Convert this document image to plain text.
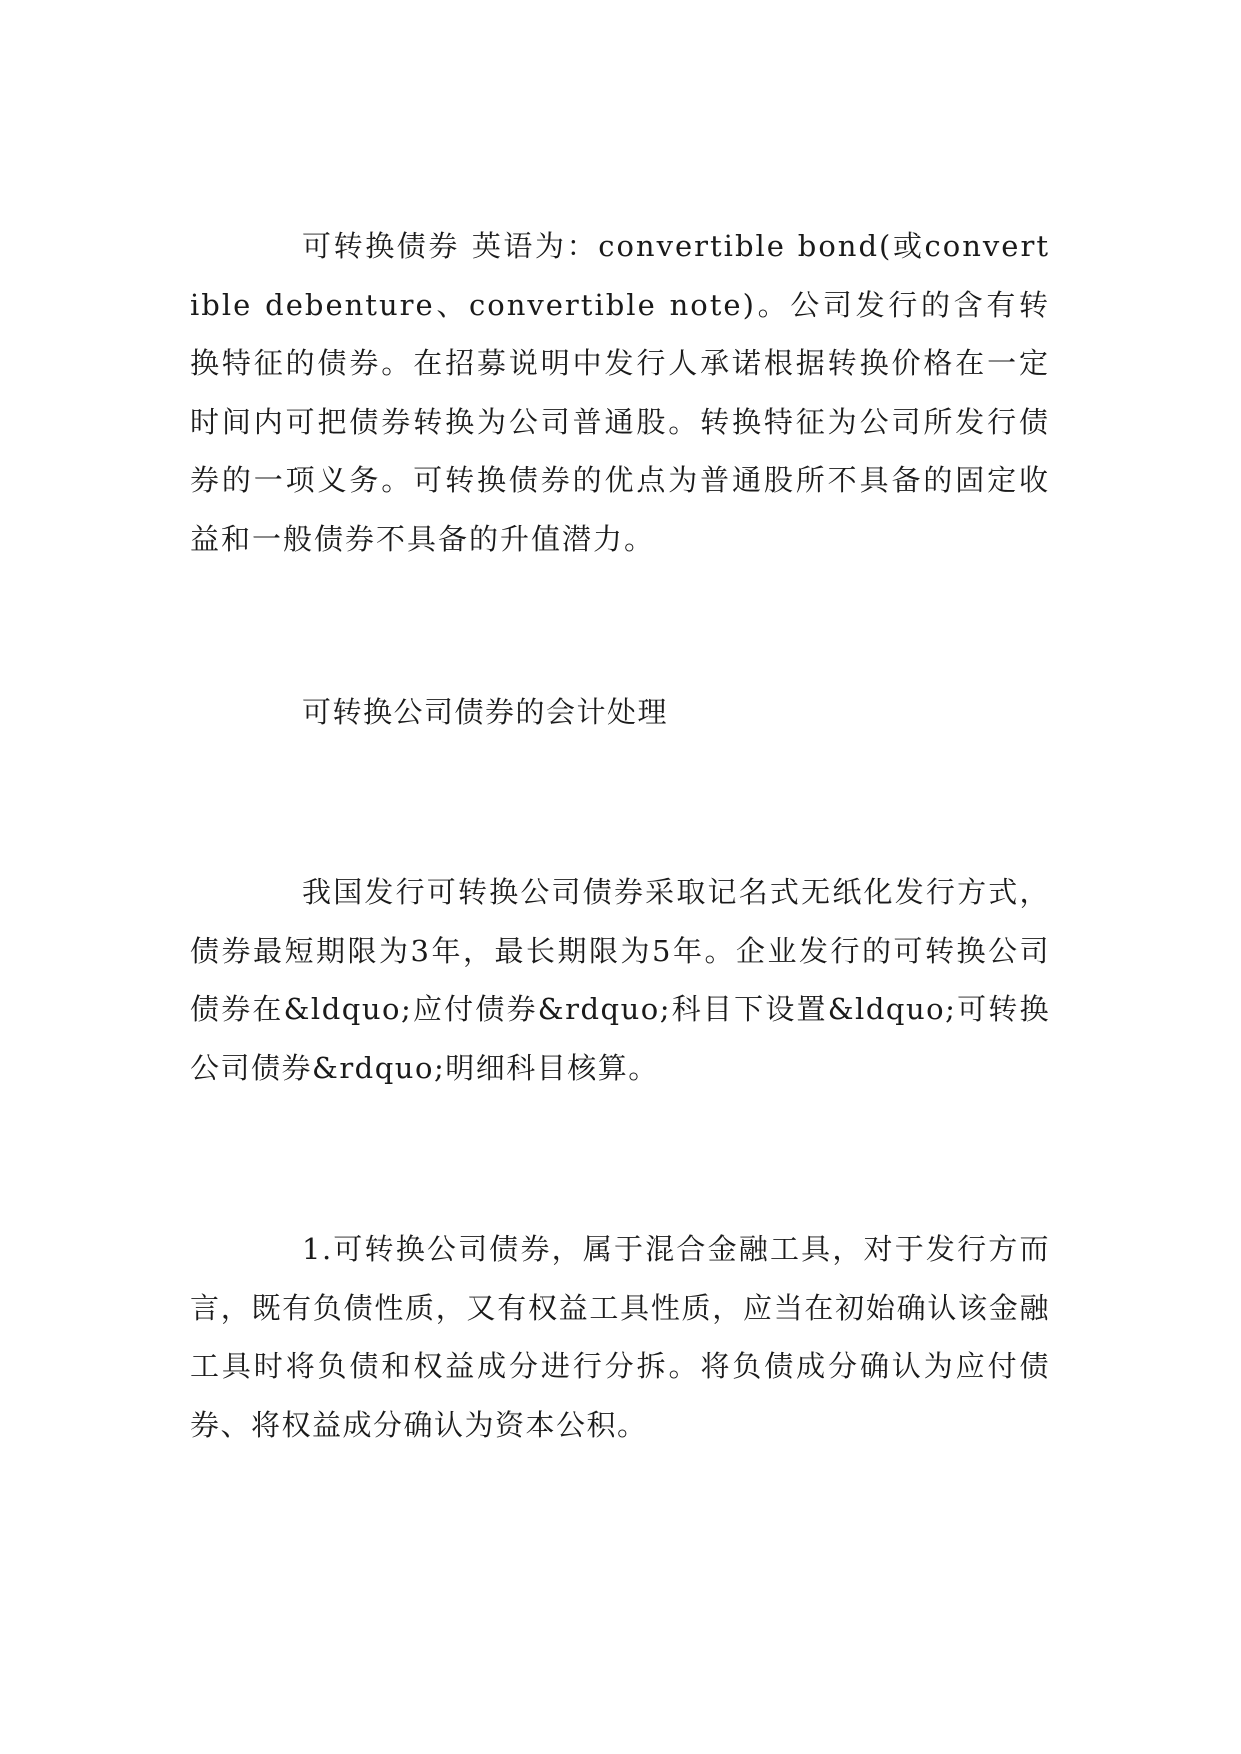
可转换债券 英语为：convertible bond(或convertible debenture、convertible note)。公司发行的含有转换特征的债券。在招募说明中发行人承诺根据转换价格在一定时间内可把债券转换为公司普通股。转换特征为公司所发行债券的一项义务。可转换债券的优点为普通股所不具备的固定收益和一般债券不具备的升值潜力。

可转换公司债券的会计处理

我国发行可转换公司债券采取记名式无纸化发行方式，债券最短期限为3年，最长期限为5年。企业发行的可转换公司债券在&ldquo;应付债券&rdquo;科目下设置&ldquo;可转换公司债券&rdquo;明细科目核算。

1.可转换公司债券，属于混合金融工具，对于发行方而言，既有负债性质，又有权益工具性质，应当在初始确认该金融工具时将负债和权益成分进行分拆。将负债成分确认为应付债券、将权益成分确认为资本公积。
